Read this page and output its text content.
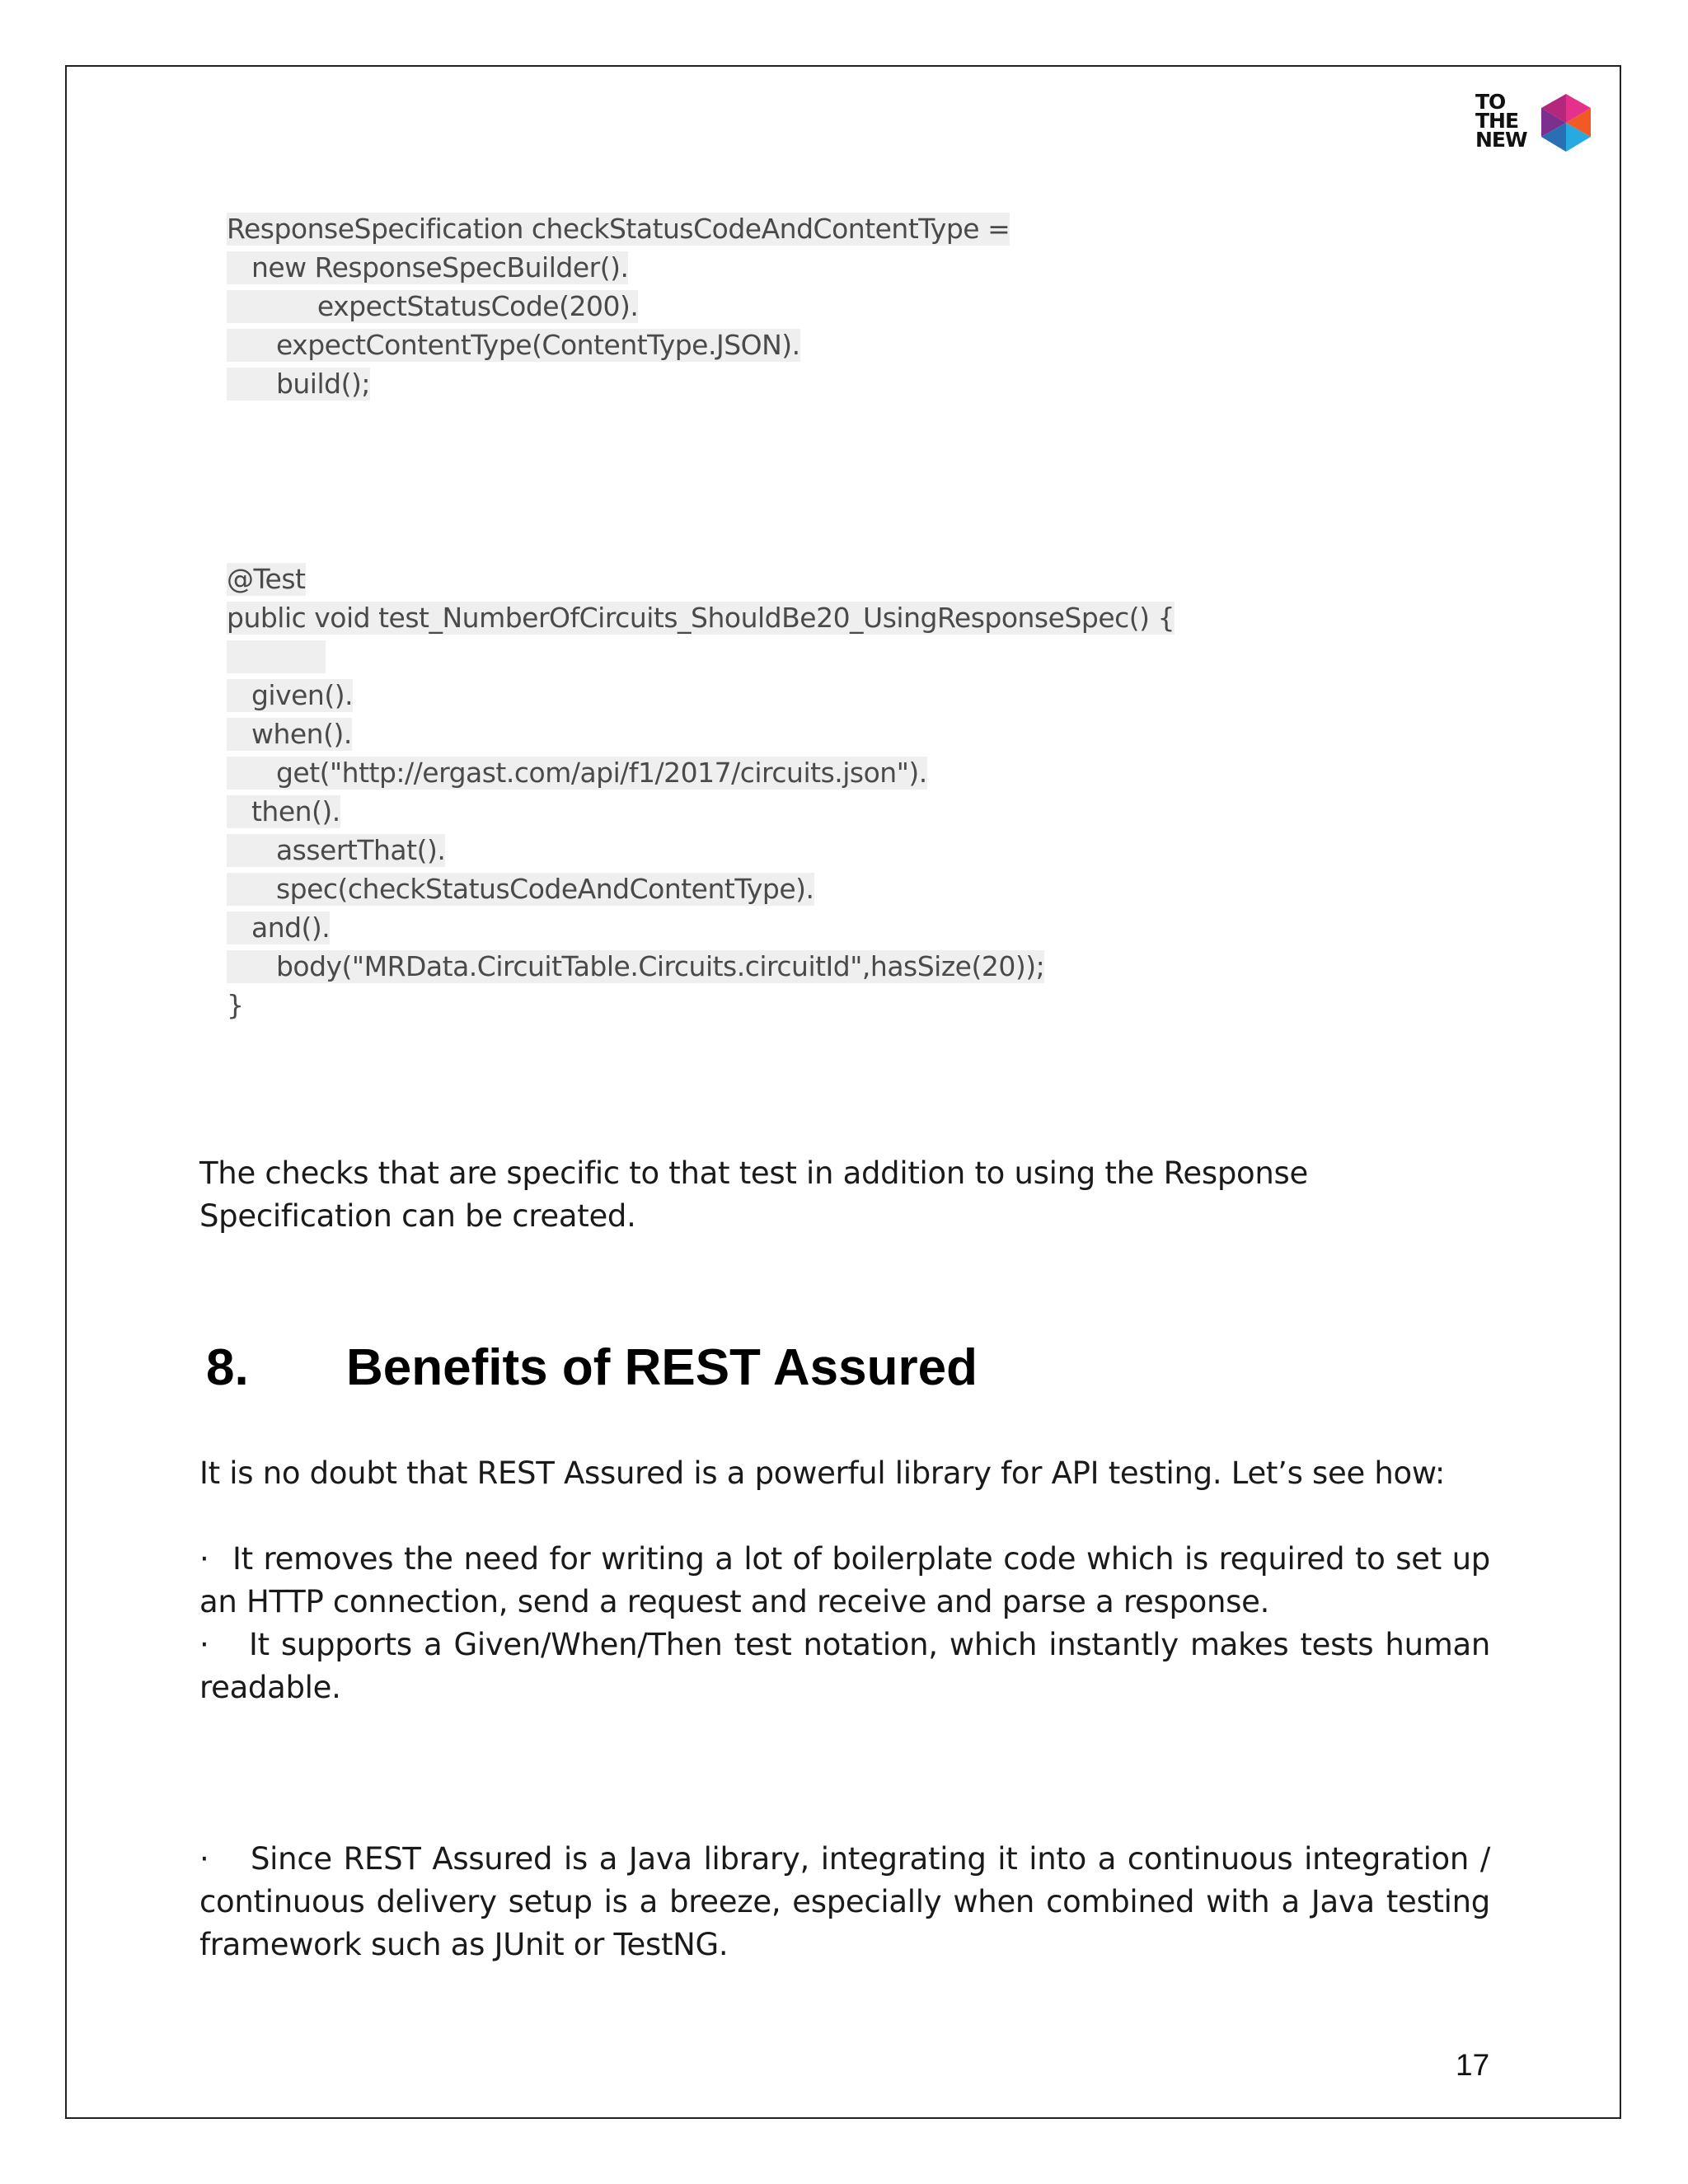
TO
THE
NEW
ResponseSpecification checkStatusCodeAndContentType =
new ResponseSpecBuilder().
expectStatusCode(200).
expectContentType(ContentType.JSON).
build();
@Test
public void test_NumberOfCircuits_ShouldBe20_UsingResponseSpec() {

given().
when().
get("http://ergast.com/api/f1/2017/circuits.json").
then().
assertThat().
spec(checkStatusCodeAndContentType).
and().
body("MRData.CircuitTable.Circuits.circuitId",hasSize(20));
}
The checks that are specific to that test in addition to using the Response Specification can be created.
8. Benefits of REST Assured
It is no doubt that REST Assured is a powerful library for API testing. Let’s see how:
· It removes the need for writing a lot of boilerplate code which is required to set up an HTTP connection, send a request and receive and parse a response.
· It supports a Given/When/Then test notation, which instantly makes tests human readable.
· Since REST Assured is a Java library, integrating it into a continuous integration / continuous delivery setup is a breeze, especially when combined with a Java testing framework such as JUnit or TestNG.
17
